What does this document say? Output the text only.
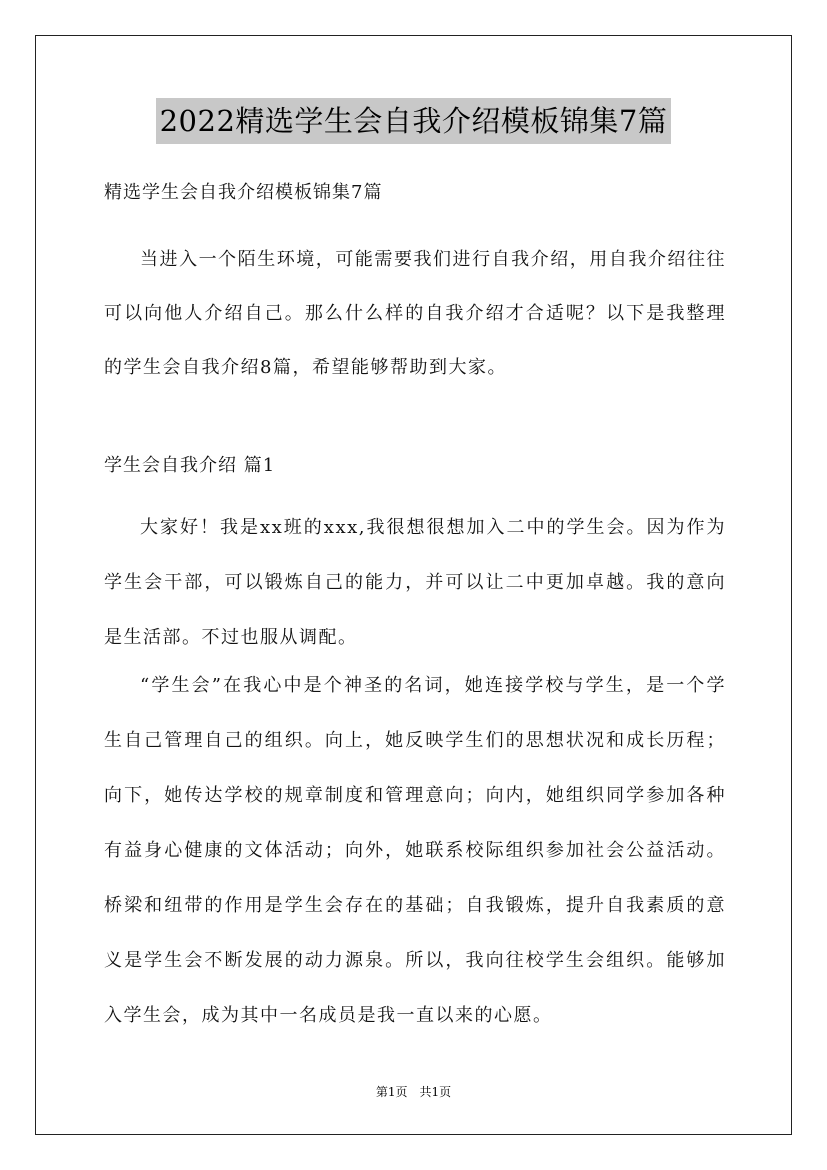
2022精选学生会自我介绍模板锦集7篇

精选学生会自我介绍模板锦集7篇

当进入一个陌生环境，可能需要我们进行自我介绍，用自我介绍往往可以向他人介绍自己。那么什么样的自我介绍才合适呢？以下是我整理的学生会自我介绍8篇，希望能够帮助到大家。

学生会自我介绍 篇1

大家好！我是xx班的xxx,我很想很想加入二中的学生会。因为作为学生会干部，可以锻炼自己的能力，并可以让二中更加卓越。我的意向是生活部。不过也服从调配。

“学生会”在我心中是个神圣的名词，她连接学校与学生，是一个学生自己管理自己的组织。向上，她反映学生们的思想状况和成长历程；向下，她传达学校的规章制度和管理意向；向内，她组织同学参加各种有益身心健康的文体活动；向外，她联系校际组织参加社会公益活动。桥梁和纽带的作用是学生会存在的基础；自我锻炼，提升自我素质的意义是学生会不断发展的动力源泉。所以，我向往校学生会组织。能够加入学生会，成为其中一名成员是我一直以来的心愿。

第1页　共1页
